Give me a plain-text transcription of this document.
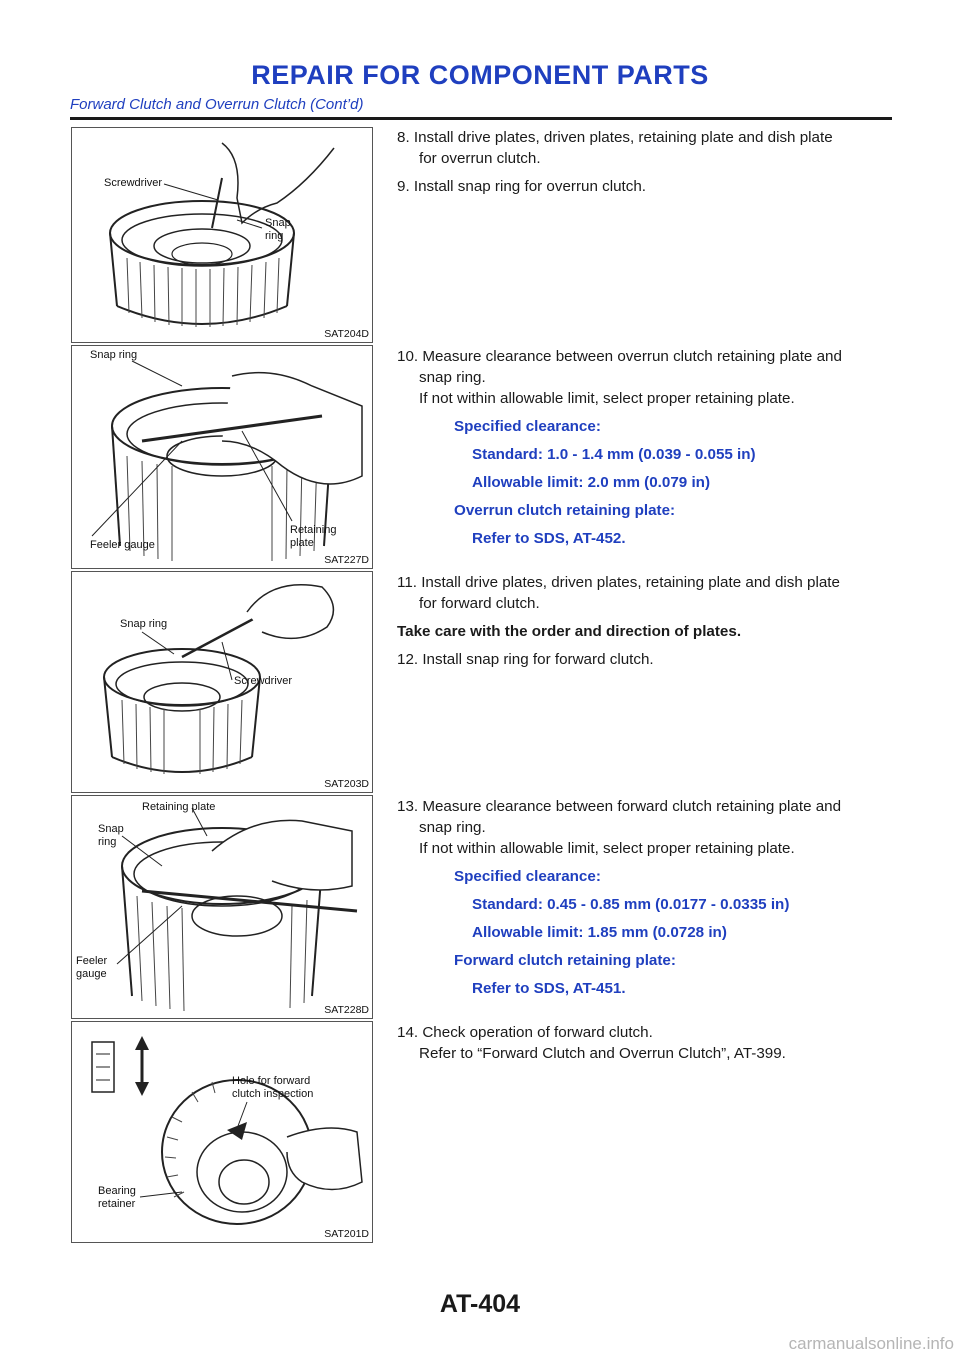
REPAIR FOR COMPONENT PARTS
Forward Clutch and Overrun Clutch (Cont’d)
Screwdriver
Snap
ring
SAT204D
Snap ring
Feeler gauge
Retaining
plate
SAT227D
Snap ring
Screwdriver
SAT203D
Retaining plate
Snap
ring
Feeler
gauge
SAT228D
Hole for forward
clutch inspection
Bearing
retainer
SAT201D

8. Install drive plates, driven plates, retaining plate and dish plate

for overrun clutch.

9. Install snap ring for overrun clutch.

10. Measure clearance between overrun clutch retaining plate and

snap ring.

If not within allowable limit, select proper retaining plate.

Specified clearance:

Standard: 1.0 - 1.4 mm (0.039 - 0.055 in)

Allowable limit: 2.0 mm (0.079 in)

Overrun clutch retaining plate:

Refer to SDS, AT-452.

11. Install drive plates, driven plates, retaining plate and dish plate

for forward clutch.

Take care with the order and direction of plates.

12. Install snap ring for forward clutch.

13. Measure clearance between forward clutch retaining plate and

snap ring.

If not within allowable limit, select proper retaining plate.

Specified clearance:

Standard: 0.45 - 0.85 mm (0.0177 - 0.0335 in)

Allowable limit: 1.85 mm (0.0728 in)

Forward clutch retaining plate:

Refer to SDS, AT-451.

14. Check operation of forward clutch.

Refer to “Forward Clutch and Overrun Clutch”, AT-399.

AT-404
carmanualsonline.info
